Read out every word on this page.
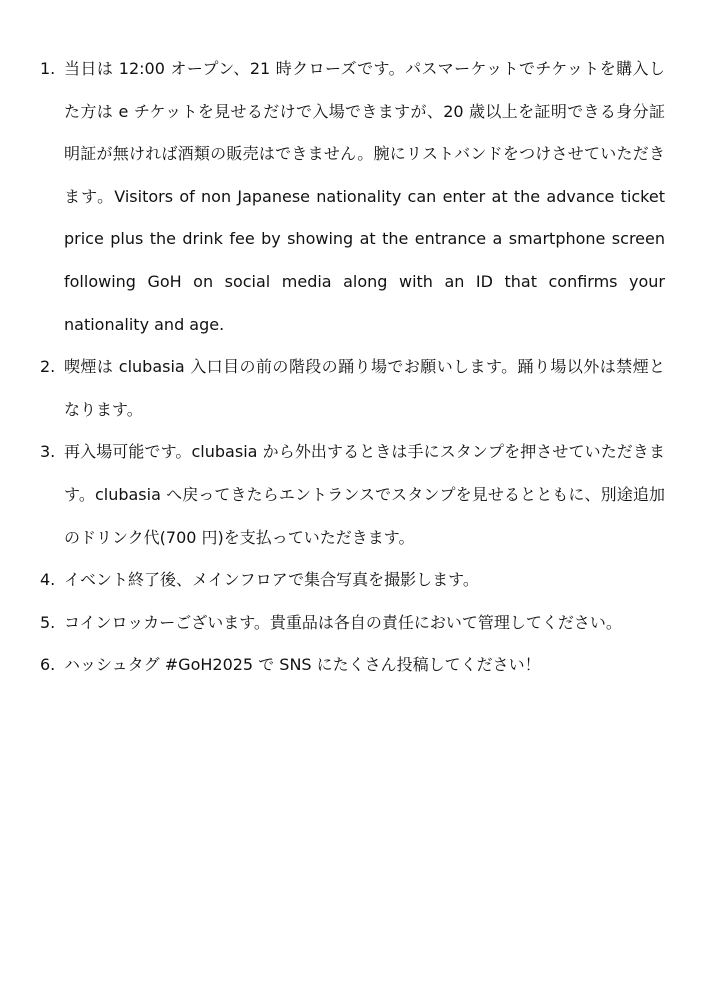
1. 当日は 12:00 オープン、21 時クローズです。パスマーケットでチケットを購入した方は e チケットを見せるだけで入場できますが、20 歳以上を証明できる身分証明証が無ければ酒類の販売はできません。腕にリストバンドをつけさせていただきます。Visitors of non Japanese nationality can enter at the advance ticket price plus the drink fee by showing at the entrance a smartphone screen following GoH on social media along with an ID that confirms your nationality and age.
2. 喫煙は clubasia 入口目の前の階段の踊り場でお願いします。踊り場以外は禁煙となります。
3. 再入場可能です。clubasia から外出するときは手にスタンプを押させていただきます。clubasia へ戻ってきたらエントランスでスタンプを見せるとともに、別途追加のドリンク代(700 円)を支払っていただきます。
4. イベント終了後、メインフロアで集合写真を撮影します。
5. コインロッカーございます。貴重品は各自の責任において管理してください。
6. ハッシュタグ #GoH2025 で SNS にたくさん投稿してください！
